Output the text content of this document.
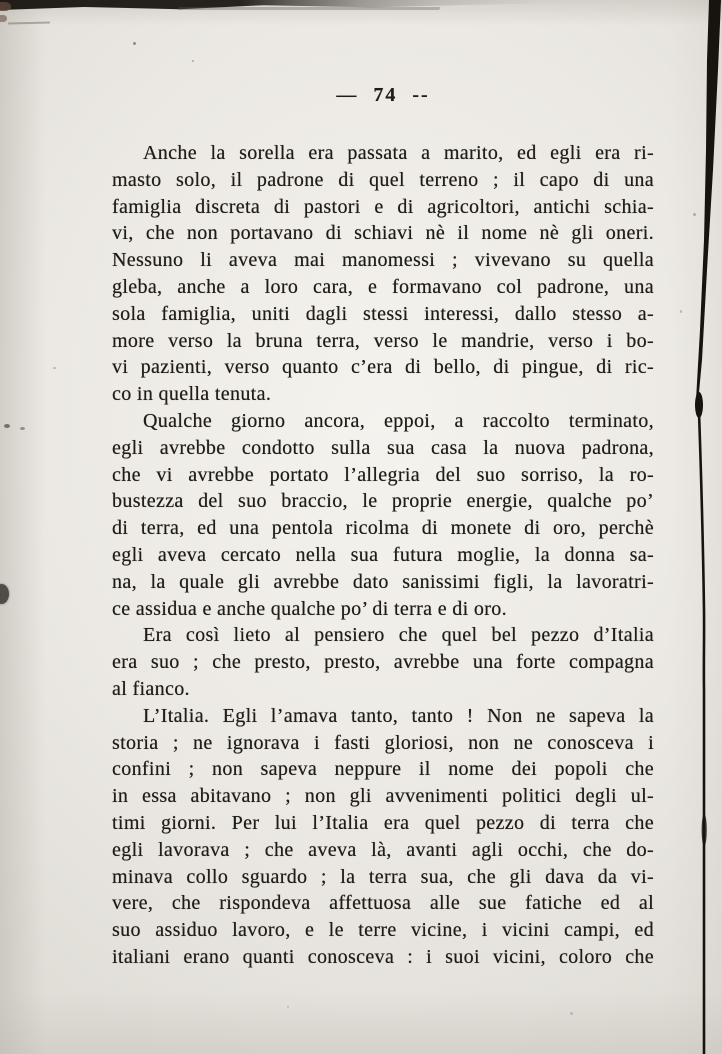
— 74 --
Anche la sorella era passata a marito, ed egli era ri-
masto solo, il padrone di quel terreno ; il capo di una
famiglia discreta di pastori e di agricoltori, antichi schia-
vi, che non portavano di schiavi nè il nome nè gli oneri.
Nessuno li aveva mai manomessi ; vivevano su quella
gleba, anche a loro cara, e formavano col padrone, una
sola famiglia, uniti dagli stessi interessi, dallo stesso a-
more verso la bruna terra, verso le mandrie, verso i bo-
vi pazienti, verso quanto c’era di bello, di pingue, di ric-
co in quella tenuta.
Qualche giorno ancora, eppoi, a raccolto terminato,
egli avrebbe condotto sulla sua casa la nuova padrona,
che vi avrebbe portato l’allegria del suo sorriso, la ro-
bustezza del suo braccio, le proprie energie, qualche po’
di terra, ed una pentola ricolma di monete di oro, perchè
egli aveva cercato nella sua futura moglie, la donna sa-
na, la quale gli avrebbe dato sanissimi figli, la lavoratri-
ce assidua e anche qualche po’ di terra e di oro.
Era così lieto al pensiero che quel bel pezzo d’Italia
era suo ; che presto, presto, avrebbe una forte compagna
al fianco.
L’Italia. Egli l’amava tanto, tanto ! Non ne sapeva la
storia ; ne ignorava i fasti gloriosi, non ne conosceva i
confini ; non sapeva neppure il nome dei popoli che
in essa abitavano ; non gli avvenimenti politici degli ul-
timi giorni. Per lui l’Italia era quel pezzo di terra che
egli lavorava ; che aveva là, avanti agli occhi, che do-
minava collo sguardo ; la terra sua, che gli dava da vi-
vere, che rispondeva affettuosa alle sue fatiche ed al
suo assiduo lavoro, e le terre vicine, i vicini campi, ed
italiani erano quanti conosceva : i suoi vicini, coloro che
